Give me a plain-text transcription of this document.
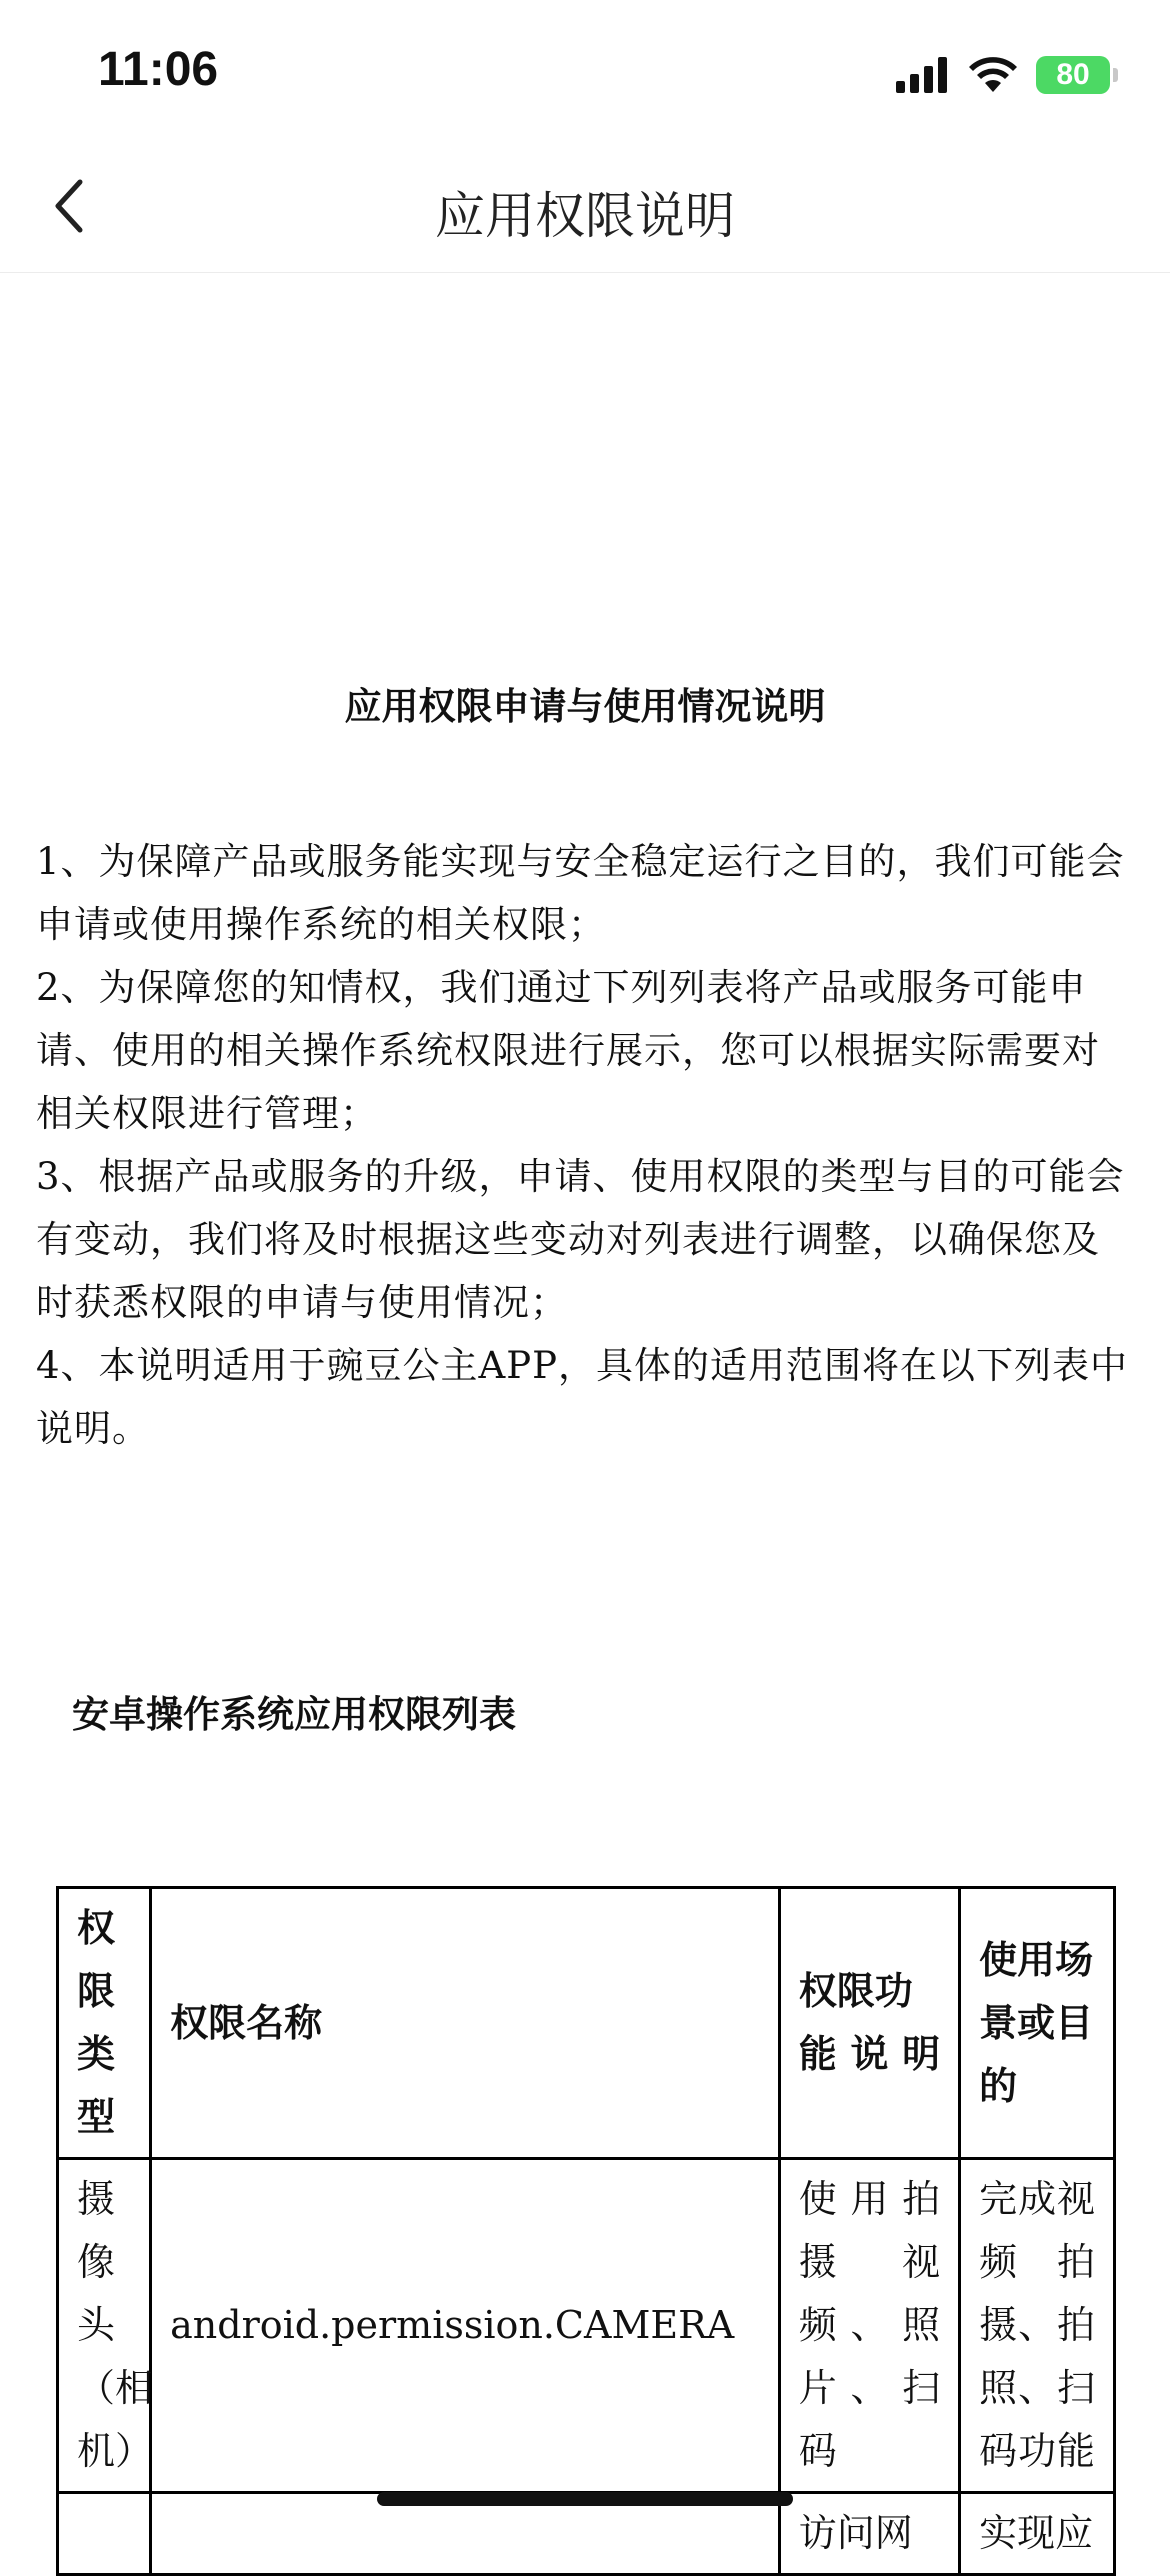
11:06	80
应用权限说明
应用权限申请与使用情况说明
1、为保障产品或服务能实现与安全稳定运行之目的，我们可能会申请或使用操作系统的相关权限；
2、为保障您的知情权，我们通过下列列表将产品或服务可能申请、使用的相关操作系统权限进行展示，您可以根据实际需要对相关权限进行管理；
3、根据产品或服务的升级，申请、使用权限的类型与目的可能会有变动，我们将及时根据这些变动对列表进行调整，以确保您及时获悉权限的申请与使用情况；
4、本说明适用于豌豆公主APP，具体的适用范围将在以下列表中说明。
安卓操作系统应用权限列表
权限类型	权限名称	权限功能说明	使用场景或目的
摄像头（相机）	android.permission.CAMERA	使用拍摄视频、照片、扫码	完成视频拍摄、拍照、扫码功能
		访问网	实现应
